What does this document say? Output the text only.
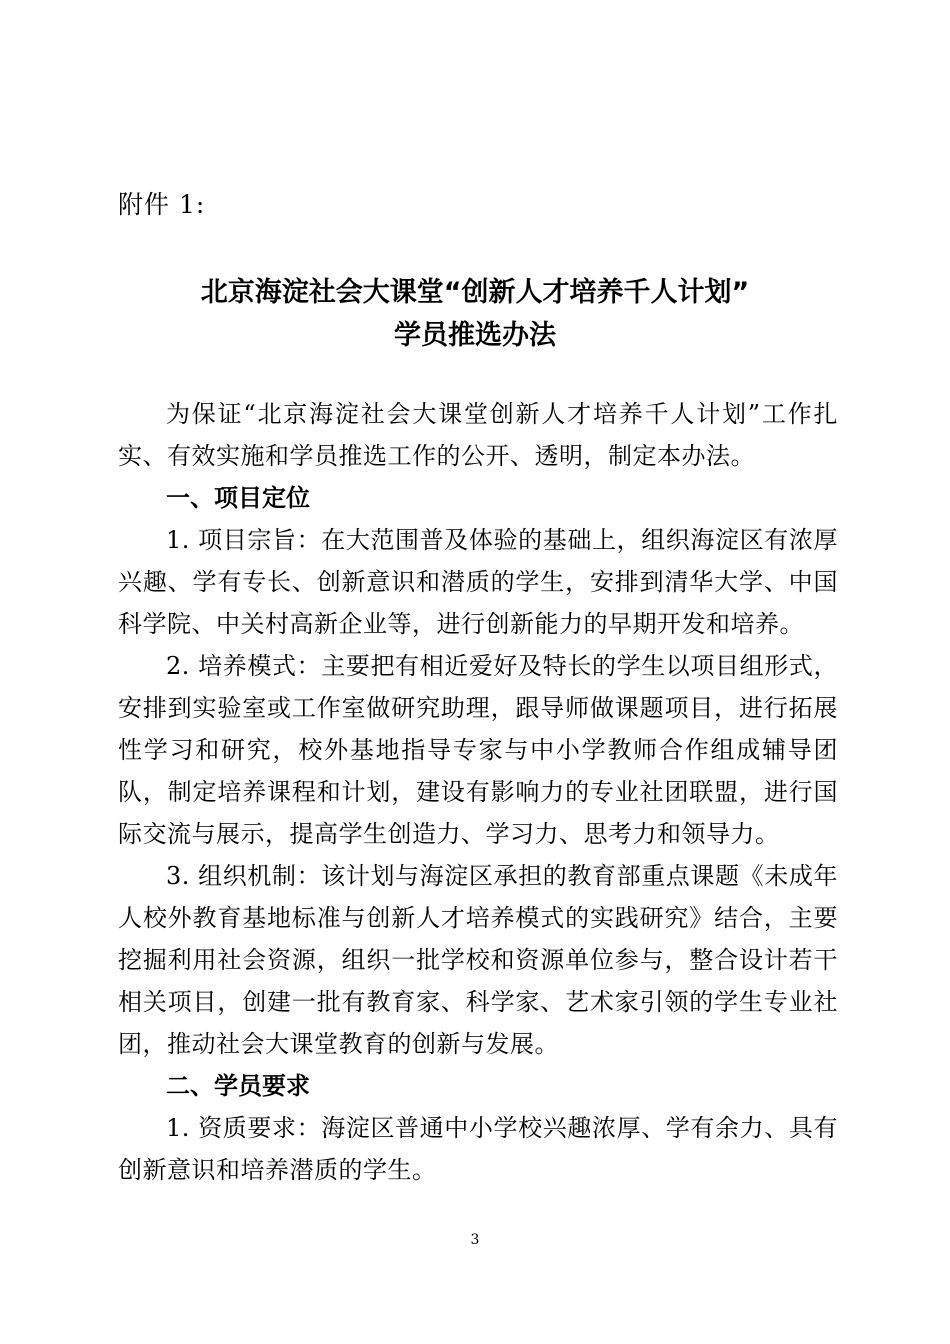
附件 1:
北京海淀社会大课堂“创新人才培养千人计划”
学员推选办法

为保证“北京海淀社会大课堂创新人才培养千人计划”工作扎实、有效实施和学员推选工作的公开、透明，制定本办法。

一、项目定位

1. 项目宗旨：在大范围普及体验的基础上，组织海淀区有浓厚兴趣、学有专长、创新意识和潜质的学生，安排到清华大学、中国科学院、中关村高新企业等，进行创新能力的早期开发和培养。

2. 培养模式：主要把有相近爱好及特长的学生以项目组形式，安排到实验室或工作室做研究助理，跟导师做课题项目，进行拓展性学习和研究，校外基地指导专家与中小学教师合作组成辅导团队，制定培养课程和计划，建设有影响力的专业社团联盟，进行国际交流与展示，提高学生创造力、学习力、思考力和领导力。

3. 组织机制：该计划与海淀区承担的教育部重点课题《未成年人校外教育基地标准与创新人才培养模式的实践研究》结合，主要挖掘利用社会资源，组织一批学校和资源单位参与，整合设计若干相关项目，创建一批有教育家、科学家、艺术家引领的学生专业社团，推动社会大课堂教育的创新与发展。

二、学员要求

1. 资质要求：海淀区普通中小学校兴趣浓厚、学有余力、具有创新意识和培养潜质的学生。

3
